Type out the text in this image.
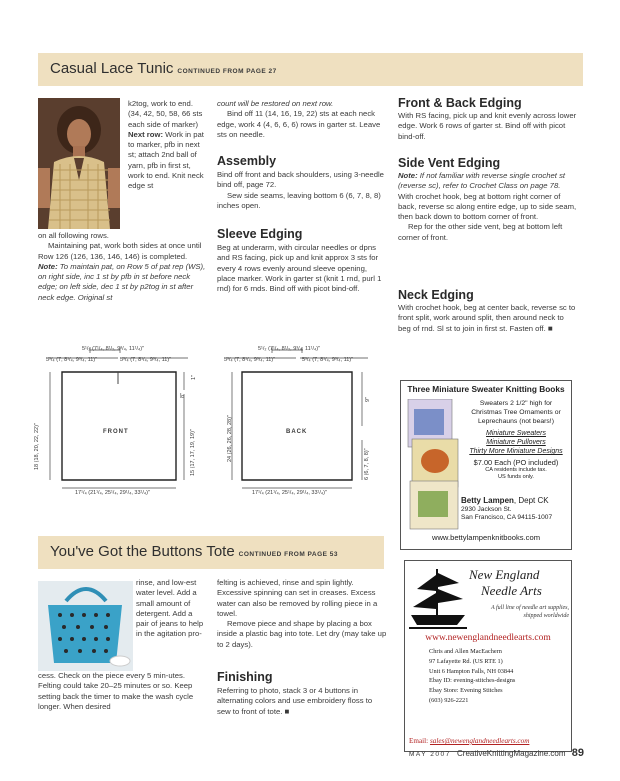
Casual Lace Tunic CONTINUED FROM PAGE 27

k2tog, work to end. (34, 42, 50, 58, 66 sts each side of marker)

Next row: Work in pat to marker, pfb in next st; attach 2nd ball of yarn, pfb in first st, work to end. Knit neck edge st

on all following rows.

Maintaining pat, work both sides at once until Row 126 (126, 136, 146, 146) is completed.

Note: To maintain pat, on Row 5 of pat rep (WS), on right side, inc 1 st by pfb in st before neck edge; on left side, dec 1 st by p2tog in st after neck edge. Original st

count will be restored on next row.

Bind off 11 (14, 16, 19, 22) sts at each neck edge, work 4 (4, 6, 6, 6) rows in garter st. Leave sts on needle.

Assembly

Bind off front and back shoulders, using 3-needle bind off, page 72.

Sew side seams, leaving bottom 6 (6, 7, 8, 8) inches open.

Sleeve Edging
Beg at underarm, with circular needles or dpns and RS facing, pick up and knit approx 3 sts for every 4 rows evenly around sleeve opening, place marker. Work in garter st (knit 1 rnd, purl 1 rnd) for 6 rnds. Bind off with picot bind-off.
Front & Back Edging
With RS facing, pick up and knit evenly across lower edge. Work 6 rows of garter st. Bind off with picot bind-off.
Side Vent Edging

Note: If not familiar with reverse single crochet st (reverse sc), refer to Crochet Class on page 78.

With crochet hook, beg at bottom right corner of back, reverse sc along entire edge, up to side seam, then back down to bottom corner of front.

Rep for the other side vent, beg at bottom left corner of front.

Neck Edging
With crochet hook, beg at center back, reverse sc to front split, work around split, then around neck to beg of rnd. Sl st to join in first st. Fasten off. ■
5¹/₂ (7¹/₄, 8¹/₂, 9³/₄, 11¹/₄)"
5³/₄ (7, 8¹/₄, 9³/₄, 11)"	5³/₄ (7, 8¹/₄, 9³/₄, 11)"
FRONT
18 (18, 20, 22, 22)"	15 (17, 17, 19, 19)"
8"
1"
17¹/₄ (21¹/₄, 25¹/₄, 29¹/₄, 33¹/₄)"
5¹/₂ (7¹/₄, 8¹/₂, 9³/₄, 11¹/₄)"
5³/₄ (7, 8¹/₄, 9³/₄, 11)"	5³/₄ (7, 8¹/₄, 9³/₄, 11)"
BACK
24 (26, 26, 28, 28)"
9"
6 (6, 7, 8, 8)"
17¹/₄ (21¹/₄, 25¹/₄, 29¹/₄, 33¹/₄)"
Three Miniature Sweater Knitting Books

Sweaters 2 1/2" high for

Christmas Tree Ornaments or

Leprechauns (not bears!)

Miniature Sweaters

Miniature Pullovers

Thirty More Miniature Designs

$7.00 Each (PO included)

CA residents include tax.

US funds only.

Betty Lampen, Dept CK

2930 Jackson St.

San Francisco, CA 94115-1007

www.bettylampenknitbooks.com
You've Got the Buttons Tote CONTINUED FROM PAGE 53
rinse, and low-est water level. Add a small amount of detergent. Add a pair of jeans to help in the agitation pro-
cess. Check on the piece every 5 min-utes. Felting could take 20–25 minutes or so. Keep setting back the timer to make the wash cycle longer. When desired

felting is achieved, rinse and spin lightly. Excessive spinning can set in creases. Excess water can also be removed by rolling piece in a towel.

Remove piece and shape by placing a box inside a plastic bag into tote. Let dry (may take up to 2 days).

Finishing
Referring to photo, stack 3 or 4 buttons in alternating colors and use embroidery floss to sew to front of tote. ■
New England
Needle Arts

A full line of needle art supplies,

shipped worldwide

www.newenglandneedlearts.com

Chris and Allen MacEachern

97 Lafayette Rd. (US RTE 1)

Unit 6 Hampton Falls, NH 03844

Ebay ID: evening-stitches-designs

Ebay Store: Evening Stitches

(603) 926-2221

Email: sales@newenglandneedlearts.com
MAY 2007 CreativeKnittingMagazine.com 89
